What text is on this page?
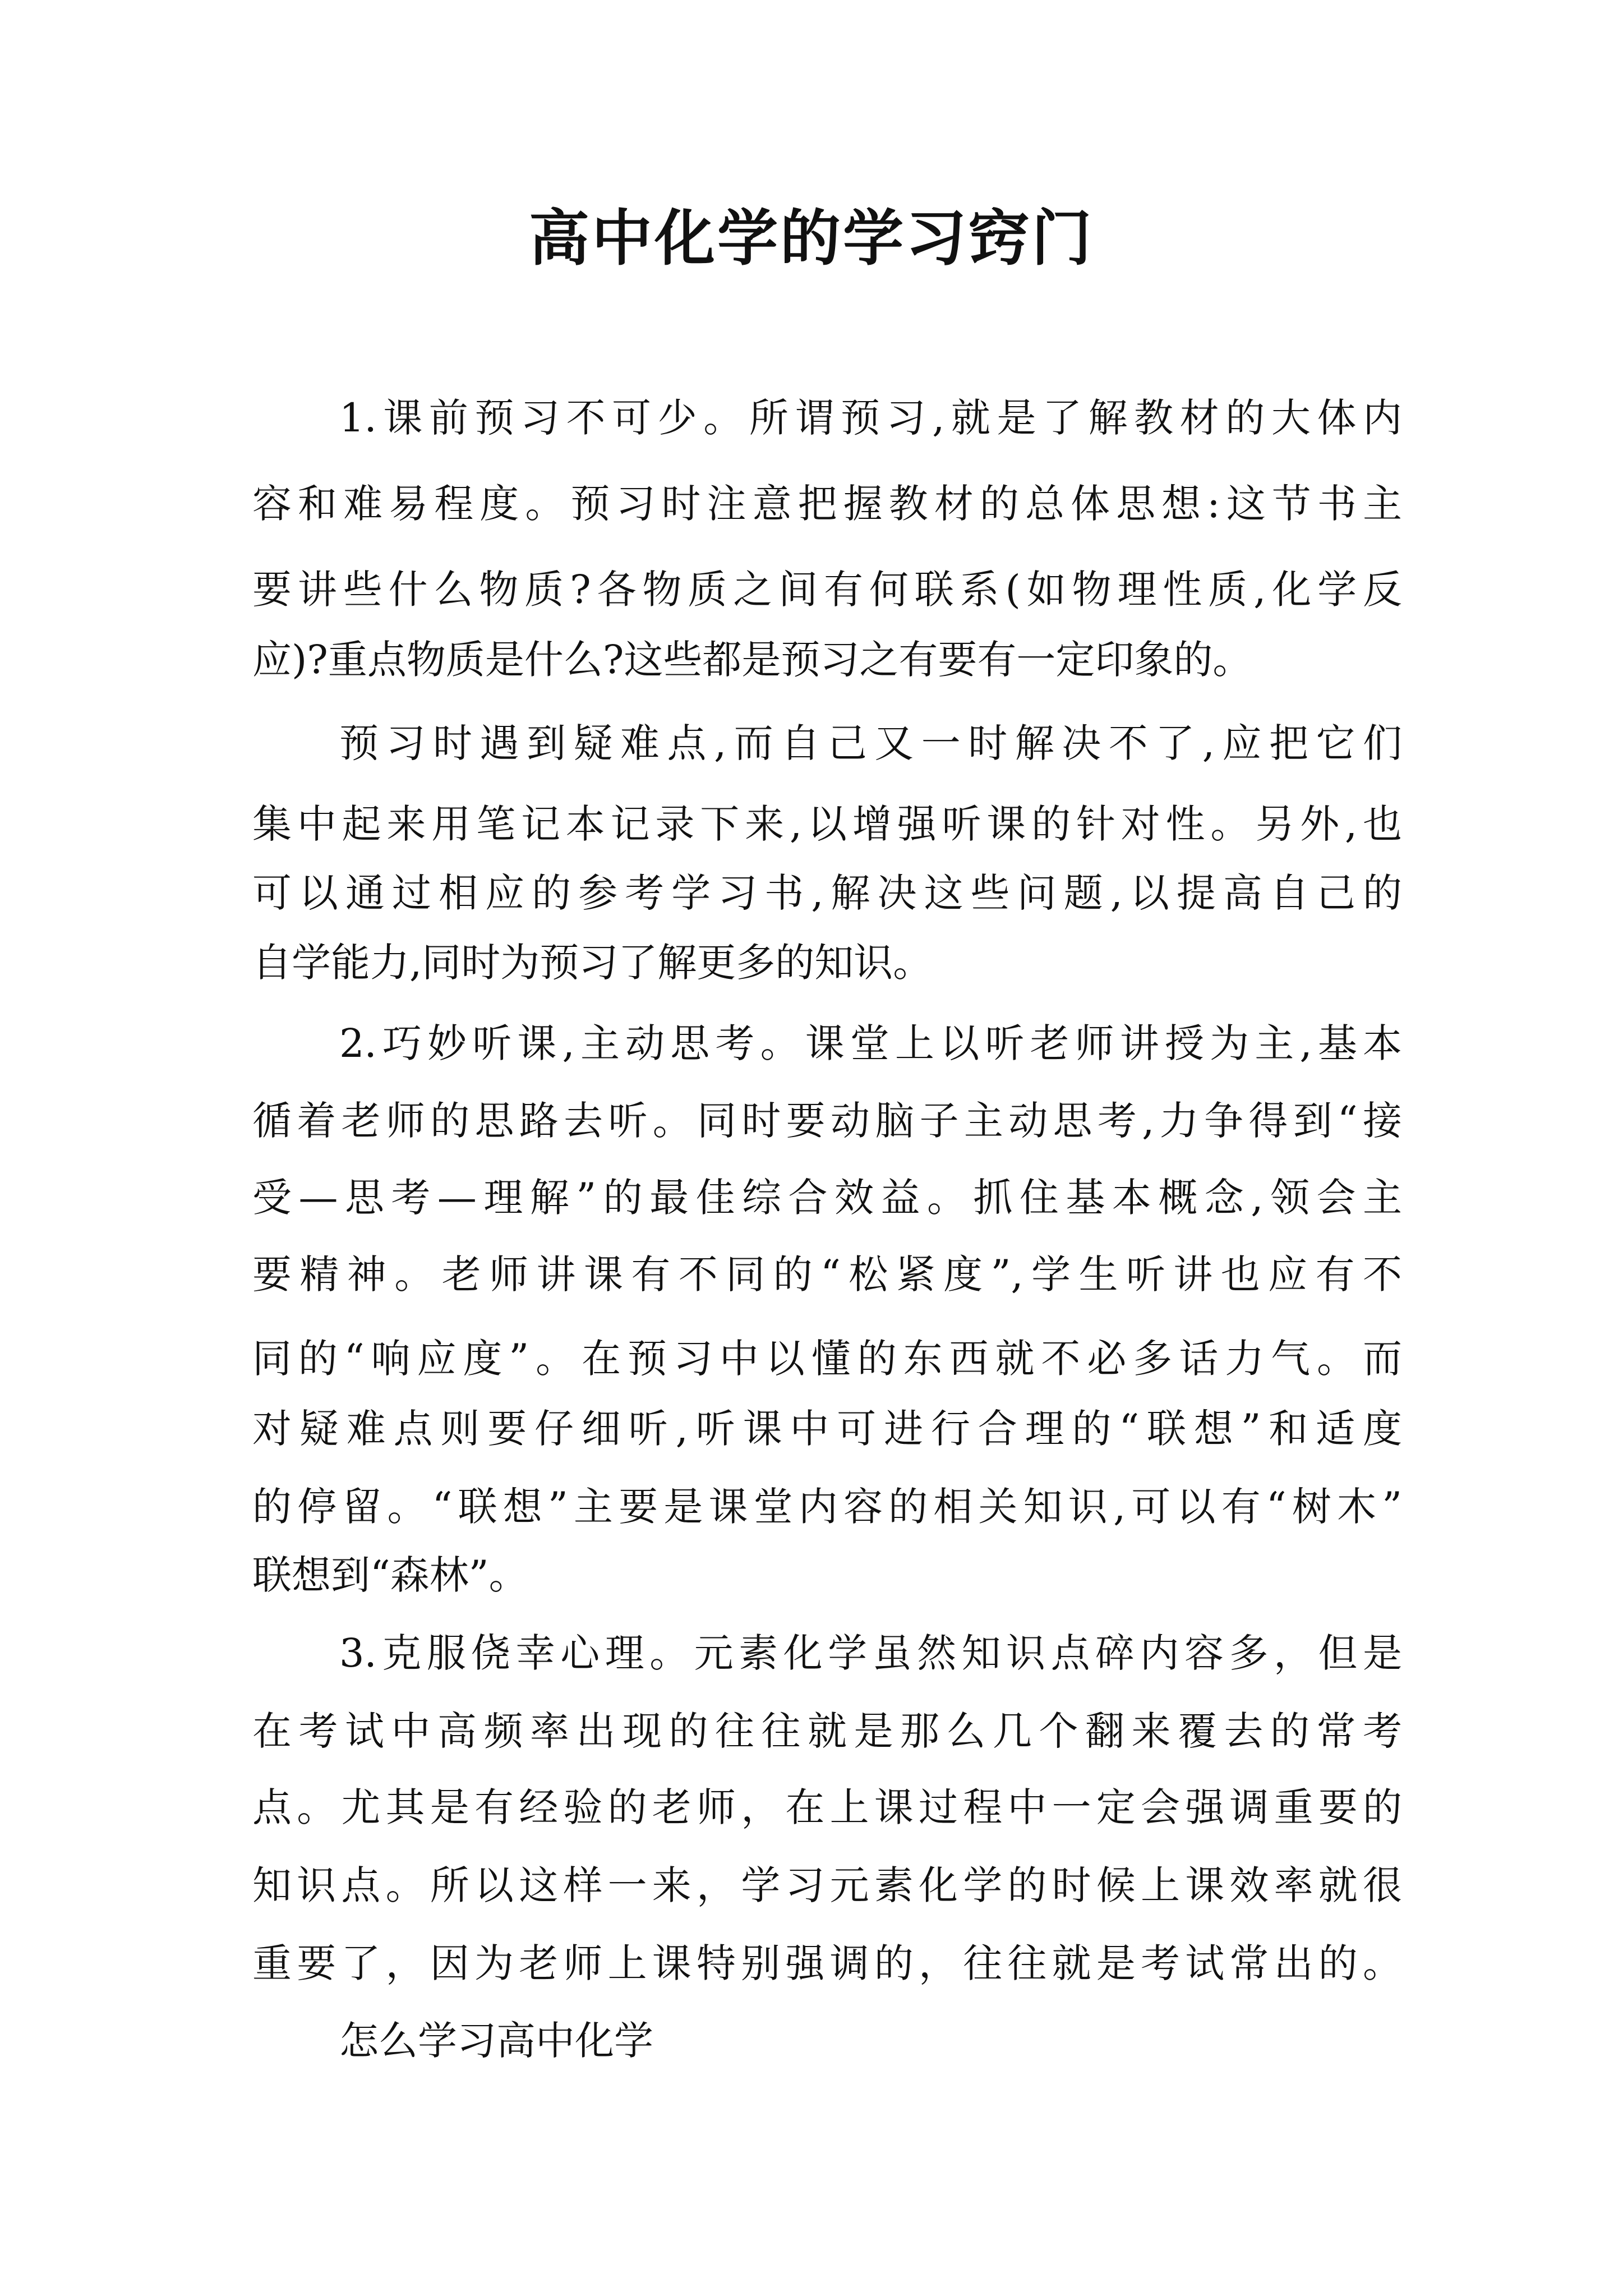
高中化学的学习窍门

1.课前预习不可少。所谓预习,就是了解教材的大体内

容和难易程度。预习时注意把握教材的总体思想:这节书主

要讲些什么物质?各物质之间有何联系(如物理性质,化学反

应)?重点物质是什么?这些都是预习之有要有一定印象的。

预习时遇到疑难点,而自己又一时解决不了,应把它们

集中起来用笔记本记录下来,以增强听课的针对性。另外,也

可以通过相应的参考学习书,解决这些问题,以提高自己的

自学能力,同时为预习了解更多的知识。

2.巧妙听课,主动思考。课堂上以听老师讲授为主,基本

循着老师的思路去听。同时要动脑子主动思考,力争得到“接

受—思考—理解”的最佳综合效益。抓住基本概念,领会主

要精神。老师讲课有不同的“松紧度”,学生听讲也应有不

同的“响应度”。在预习中以懂的东西就不必多话力气。而

对疑难点则要仔细听,听课中可进行合理的“联想”和适度

的停留。“联想”主要是课堂内容的相关知识,可以有“树木”

联想到“森林”。

3.克服侥幸心理。元素化学虽然知识点碎内容多，但是

在考试中高频率出现的往往就是那么几个翻来覆去的常考

点。尤其是有经验的老师，在上课过程中一定会强调重要的

知识点。所以这样一来，学习元素化学的时候上课效率就很

重要了，因为老师上课特别强调的，往往就是考试常出的。

怎么学习高中化学
